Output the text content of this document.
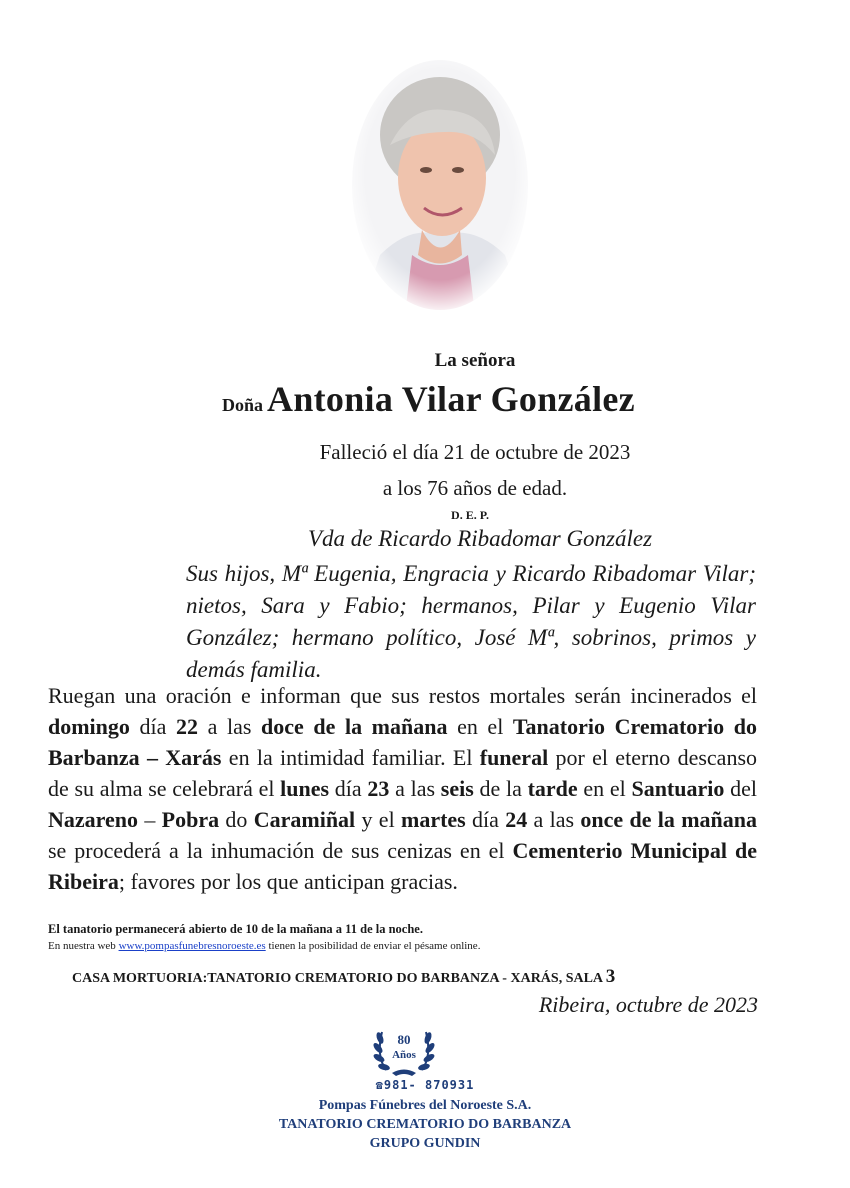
La señora
Doña Antonia Vilar González
Falleció el día 21 de octubre de 2023
a los 76 años de edad.
D. E. P.
Vda de Ricardo Ribadomar González
Sus hijos, Mª Eugenia, Engracia y Ricardo Ribadomar Vilar; nietos, Sara y Fabio; hermanos, Pilar y Eugenio Vilar González; hermano político, José Mª, sobrinos, primos y demás familia.
Ruegan una oración e informan que sus restos mortales serán incinerados el domingo día 22 a las doce de la mañana en el Tanatorio Crematorio do Barbanza – Xarás en la intimidad familiar. El funeral por el eterno descanso de su alma se celebrará el lunes día 23 a las seis de la tarde en el Santuario del Nazareno – Pobra do Caramiñal y el martes día 24 a las once de la mañana se procederá a la inhumación de sus cenizas en el Cementerio Municipal de Ribeira; favores por los que anticipan gracias.
El tanatorio permanecerá abierto de 10 de la mañana a 11 de la noche.
En nuestra web www.pompasfunebresnoroeste.es tienen la posibilidad de enviar el pésame online.
CASA MORTUORIA:TANATORIO CREMATORIO DO BARBANZA - XARÁS, SALA 3
Ribeira, octubre de 2023
80
Años
☎981- 870931
Pompas Fúnebres del Noroeste S.A.
TANATORIO CREMATORIO DO BARBANZA
GRUPO GUNDIN
